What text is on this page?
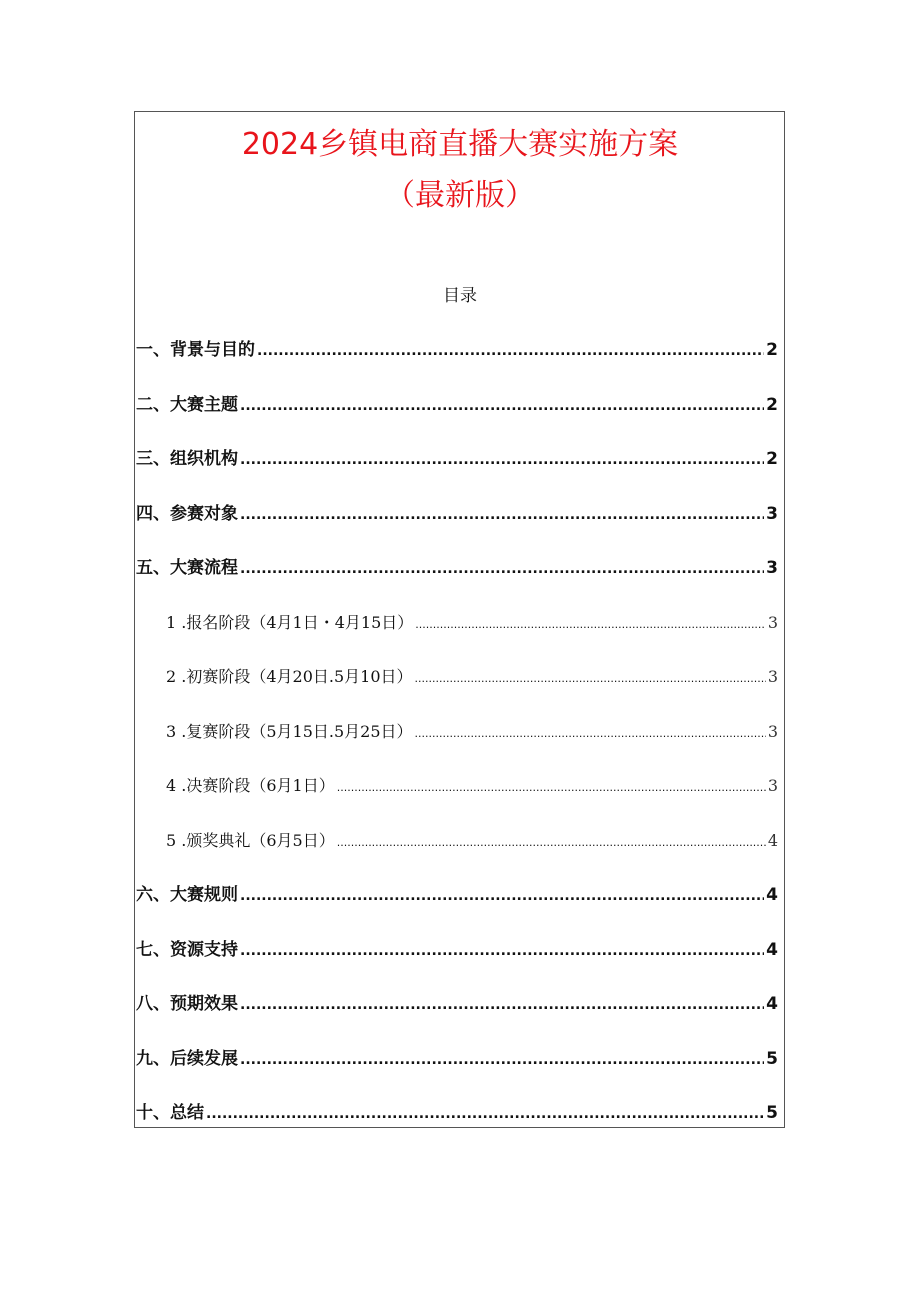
2024乡镇电商直播大赛实施方案
（最新版）
目录
一、背景与目的 .....	2
二、大赛主题 .....	2
三、组织机构 .....	2
四、参赛对象 .....	3
五、大赛流程 .....	3
1 .报名阶段（4月1日・4月15日） .....	3
2 .初赛阶段（4月20日.5月10日） .....	3
3 .复赛阶段（5月15日.5月25日） .....	3
4 .决赛阶段（6月1日） .....	3
5 .颁奖典礼（6月5日） .....	4
六、大赛规则 .....	4
七、资源支持 .....	4
八、预期效果 .....	4
九、后续发展 .....	5
十、总结 .....	5
